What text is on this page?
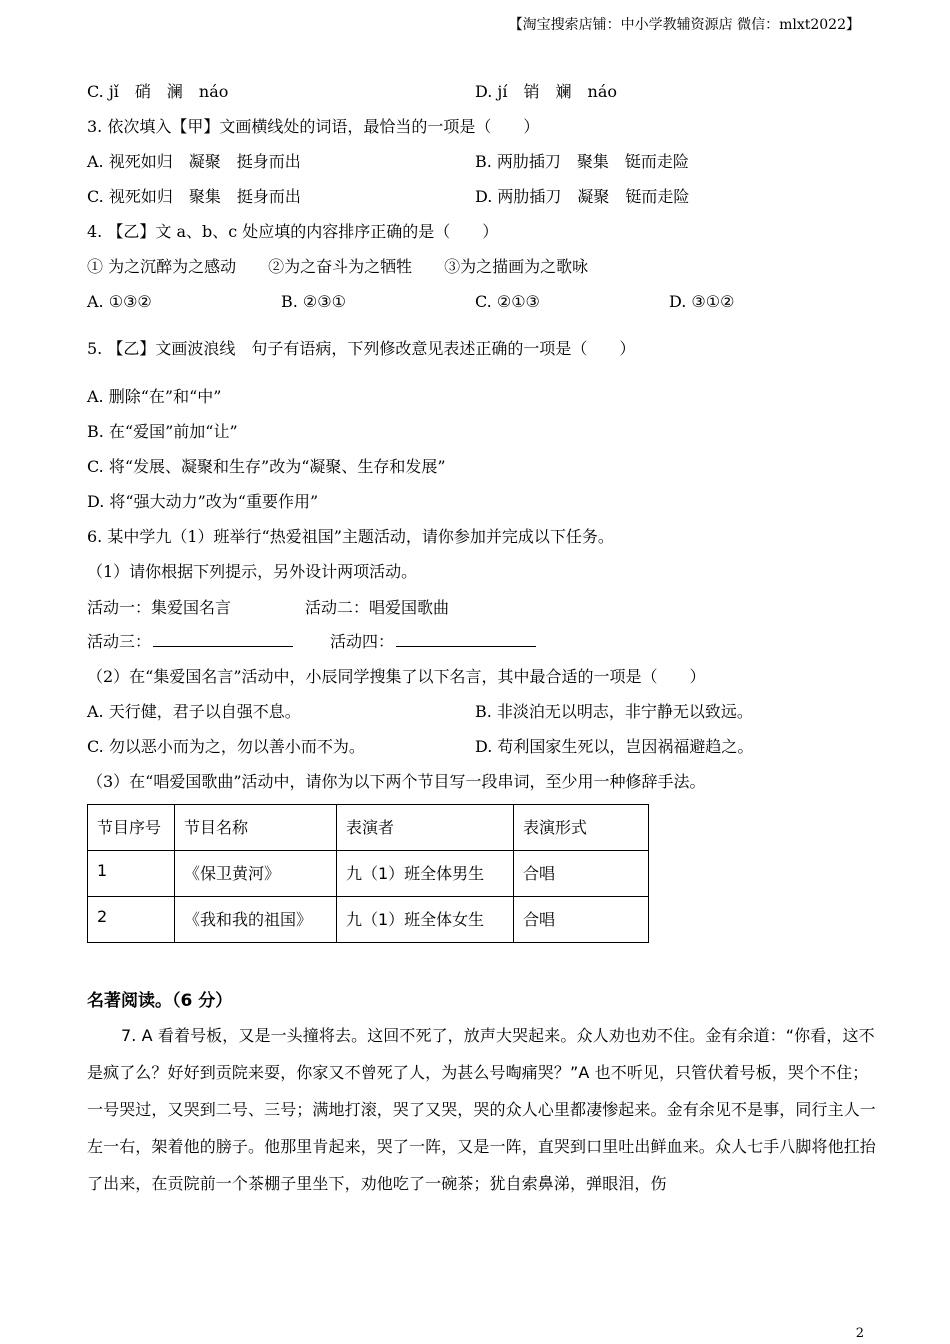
【淘宝搜索店铺：中小学教辅资源店 微信：mlxt2022】
C. jǐ　硝　澜　náo	D. jí　销　斓　náo
3. 依次填入【甲】文画横线处的词语，最恰当的一项是（　　）
A. 视死如归　凝聚　挺身而出	B. 两肋插刀　聚集　铤而走险
C. 视死如归　聚集　挺身而出	D. 两肋插刀　凝聚　铤而走险
4. 【乙】文 a、b、c 处应填的内容排序正确的是（　　）
① 为之沉醉为之感动　　②为之奋斗为之牺牲　　③为之描画为之歌咏
A. ①③②	B. ②③①	C. ②①③	D. ③①②
5. 【乙】文画波浪线　句子有语病，下列修改意见表述正确的一项是（　　）
A. 删除“在”和“中”
B. 在“爱国”前加“让”
C. 将“发展、凝聚和生存”改为“凝聚、生存和发展”
D. 将“强大动力”改为“重要作用”
6. 某中学九（1）班举行“热爱祖国”主题活动，请你参加并完成以下任务。
（1）请你根据下列提示，另外设计两项活动。
活动一：集爱国名言	活动二：唱爱国歌曲
活动三：	活动四：
（2）在“集爱国名言”活动中，小辰同学搜集了以下名言，其中最合适的一项是（　　）
A. 天行健，君子以自强不息。	B. 非淡泊无以明志，非宁静无以致远。
C. 勿以恶小而为之，勿以善小而不为。	D. 苟利国家生死以，岂因祸福避趋之。
（3）在“唱爱国歌曲”活动中，请你为以下两个节目写一段串词，至少用一种修辞手法。
节目序号	节目名称	表演者	表演形式
1	《保卫黄河》	九（1）班全体男生	合唱
2	《我和我的祖国》	九（1）班全体女生	合唱
名著阅读。（6 分）
7. A 看着号板，又是一头撞将去。这回不死了，放声大哭起来。众人劝也劝不住。金有余道：“你看，这不是疯了么？好好到贡院来耍，你家又不曾死了人，为甚么号啕痛哭？”A 也不听见，只管伏着号板，哭个不住；一号哭过，又哭到二号、三号；满地打滚，哭了又哭，哭的众人心里都凄惨起来。金有余见不是事，同行主人一左一右，架着他的膀子。他那里肯起来，哭了一阵，又是一阵，直哭到口里吐出鲜血来。众人七手八脚将他扛抬了出来，在贡院前一个茶棚子里坐下，劝他吃了一碗茶；犹自索鼻涕，弹眼泪，伤
2
